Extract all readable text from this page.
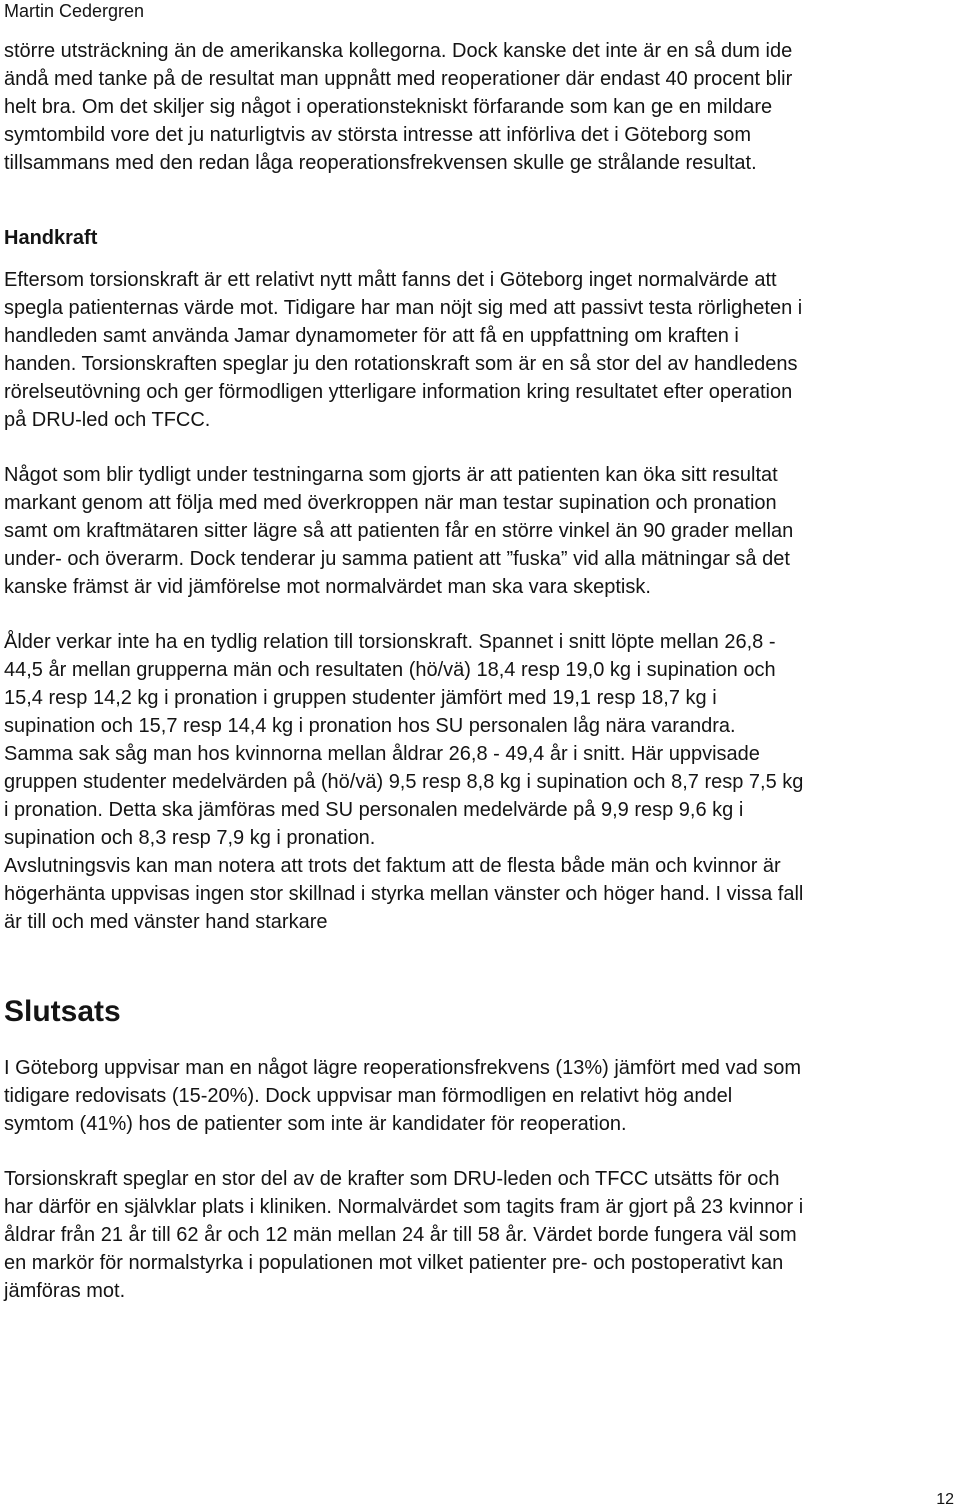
Martin Cedergren

större utsträckning än de amerikanska kollegorna. Dock kanske det inte är en så dum ide
ändå med tanke på de resultat man uppnått med reoperationer där endast 40 procent blir
helt bra. Om det skiljer sig något i operationstekniskt förfarande som kan ge en mildare
symtombild vore det ju naturligtvis av största intresse att införliva det i Göteborg som
tillsammans med den redan låga reoperationsfrekvensen skulle ge strålande resultat.

Handkraft

Eftersom torsionskraft är ett relativt nytt mått fanns det i Göteborg inget normalvärde att
spegla patienternas värde mot. Tidigare har man nöjt sig med att passivt testa rörligheten i
handleden samt använda Jamar dynamometer för att få en uppfattning om kraften i
handen. Torsionskraften speglar ju den rotationskraft som är en så stor del av handledens
rörelseutövning och ger förmodligen ytterligare information kring resultatet efter operation
på DRU-led och TFCC.

Något som blir tydligt under testningarna som gjorts är att patienten kan öka sitt resultat
markant genom att följa med med överkroppen när man testar supination och pronation
samt om kraftmätaren sitter lägre så att patienten får en större vinkel än 90 grader mellan
under- och överarm. Dock tenderar ju samma patient att ”fuska” vid alla mätningar så det
kanske främst är vid jämförelse mot normalvärdet man ska vara skeptisk.

Ålder verkar inte ha en tydlig relation till torsionskraft. Spannet i snitt löpte mellan 26,8 -
44,5 år mellan grupperna män och resultaten (hö/vä) 18,4 resp 19,0 kg i supination och
15,4 resp 14,2 kg i pronation i gruppen studenter jämfört med 19,1 resp 18,7 kg i
supination och 15,7 resp 14,4 kg i pronation hos SU personalen låg nära varandra.
Samma sak såg man hos kvinnorna mellan åldrar 26,8 - 49,4 år i snitt. Här uppvisade
gruppen studenter medelvärden på (hö/vä) 9,5 resp 8,8 kg i supination och 8,7 resp 7,5 kg
i pronation. Detta ska jämföras med SU personalen medelvärde på 9,9 resp 9,6 kg i
supination och 8,3 resp 7,9 kg i pronation.
Avslutningsvis kan man notera att trots det faktum att de flesta både män och kvinnor är
högerhänta uppvisas ingen stor skillnad i styrka mellan vänster och höger hand. I vissa fall
är till och med vänster hand starkare

Slutsats

I Göteborg uppvisar man en något lägre reoperationsfrekvens (13%) jämfört med vad som
tidigare redovisats (15-20%). Dock uppvisar man förmodligen en relativt hög andel
symtom (41%) hos de patienter som inte är kandidater för reoperation.

Torsionskraft speglar en stor del av de krafter som DRU-leden och TFCC utsätts för och
har därför en självklar plats i kliniken. Normalvärdet som tagits fram är gjort på 23 kvinnor i
åldrar från 21 år till 62 år och 12 män mellan 24 år till 58 år. Värdet borde fungera väl som
en markör för normalstyrka i populationen mot vilket patienter pre- och postoperativt kan
jämföras mot.

12
